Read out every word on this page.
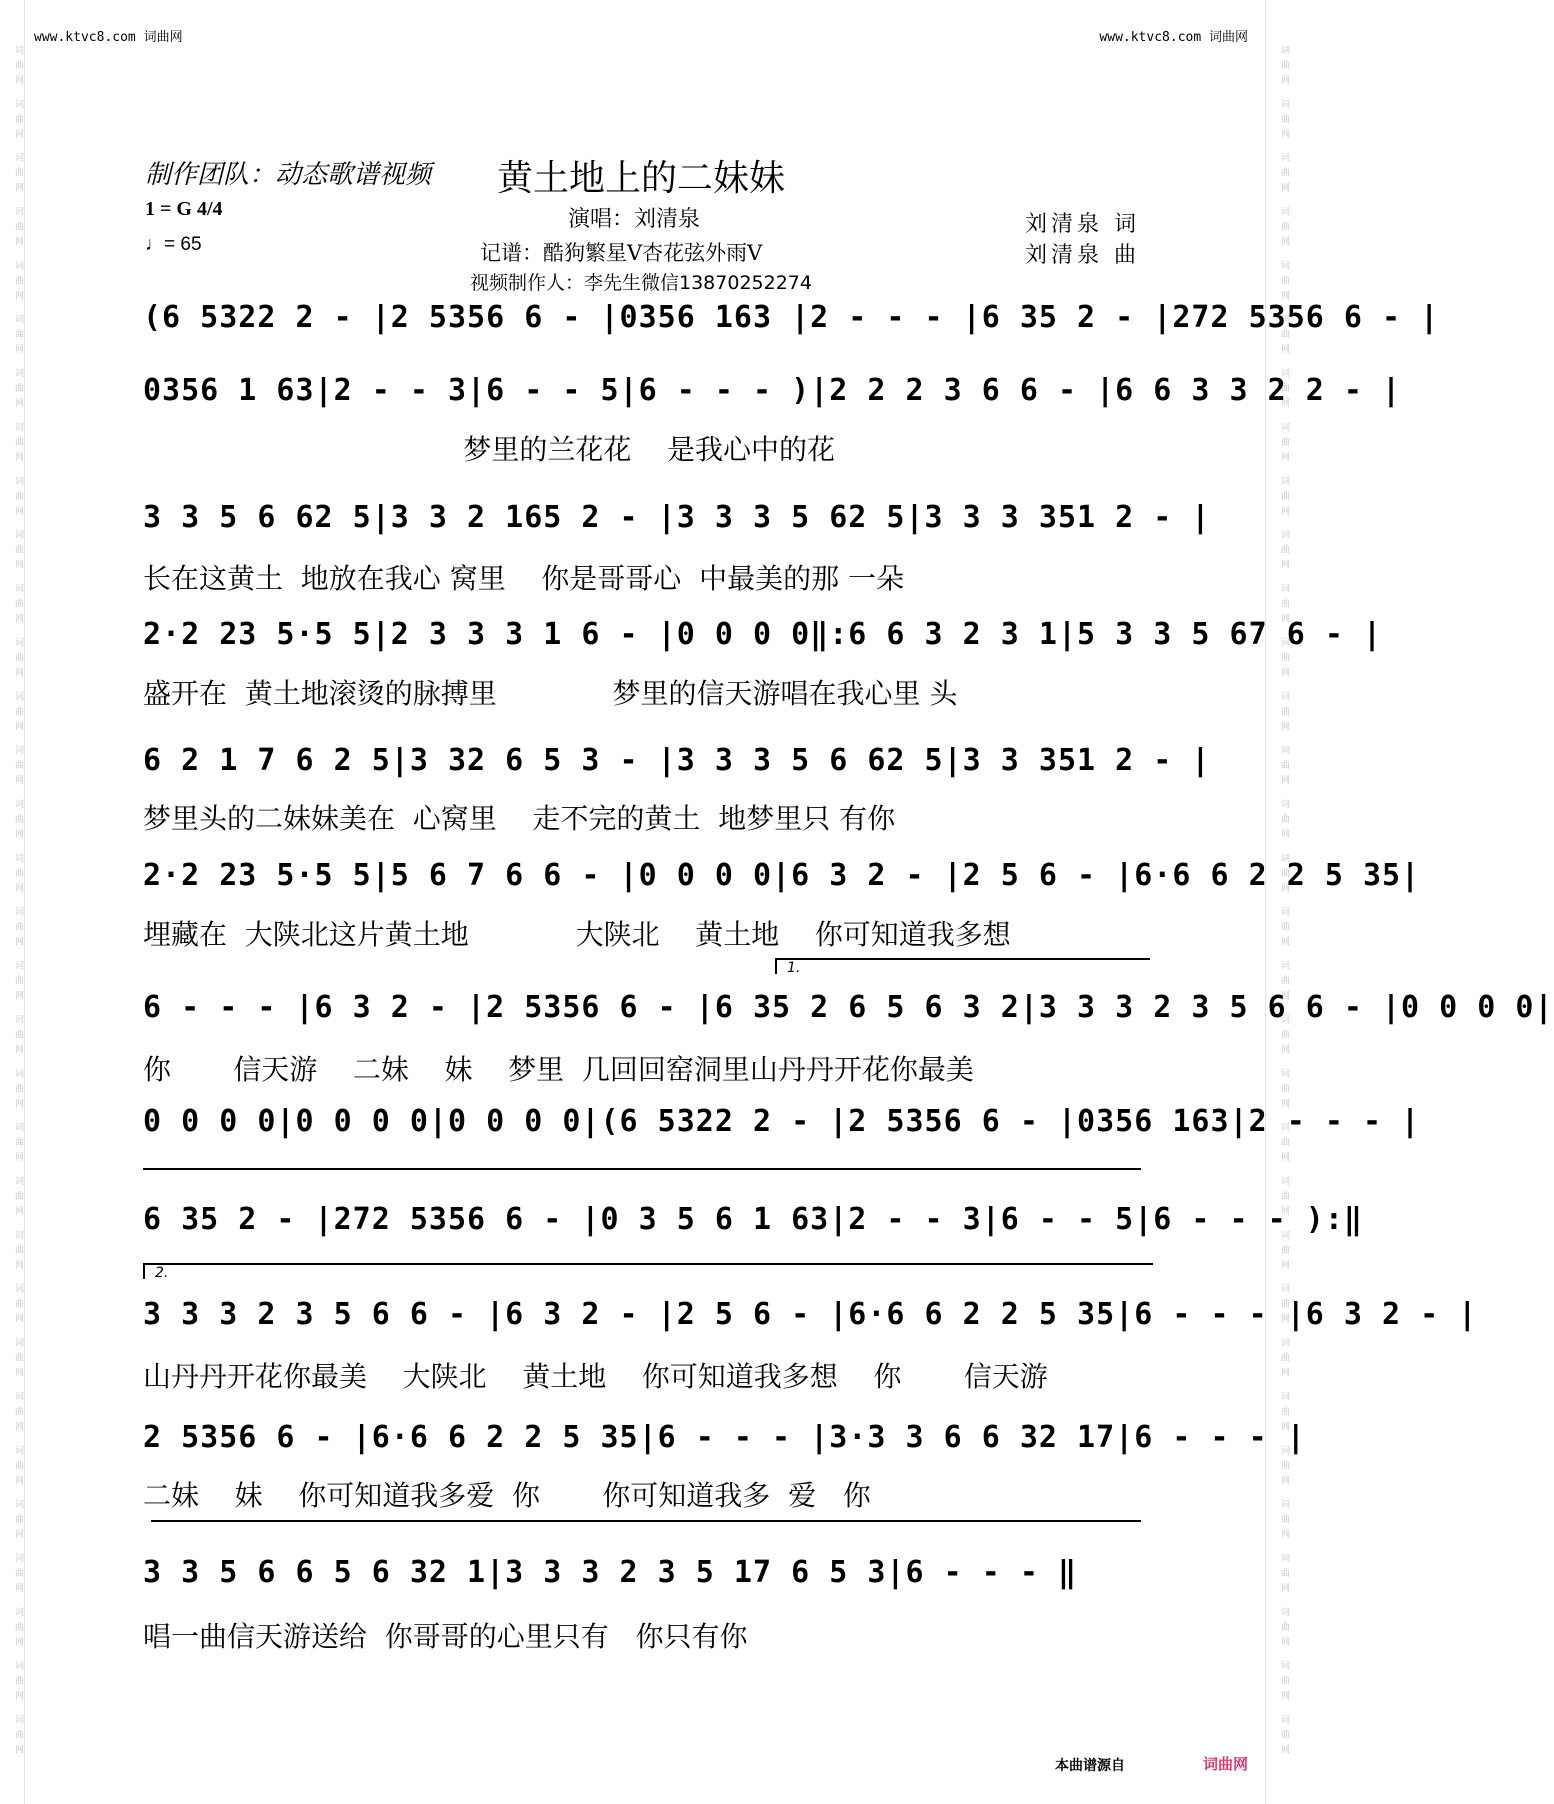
词曲网 词曲网 词曲网 词曲网 词曲网 词曲网 词曲网 词曲网 词曲网 词曲网 词曲网 词曲网 词曲网 词曲网 词曲网 词曲网 词曲网 词曲网 词曲网 词曲网 词曲网 词曲网 词曲网 词曲网 词曲网 词曲网 词曲网 词曲网 词曲网 词曲网 词曲网 词曲网	词曲网 词曲网 词曲网 词曲网 词曲网 词曲网 词曲网 词曲网 词曲网 词曲网 词曲网 词曲网 词曲网 词曲网 词曲网 词曲网 词曲网 词曲网 词曲网 词曲网 词曲网 词曲网 词曲网 词曲网 词曲网 词曲网 词曲网 词曲网 词曲网 词曲网 词曲网 词曲网
www.ktvc8.com 词曲网	www.ktvc8.com 词曲网
制作团队：动态歌谱视频 黄土地上的二妹妹
1 = G 4/4
♩= 65
演唱：刘清泉
记谱：酷狗繁星V杏花弦外雨V
视频制作人：李先生微信13870252274
刘清泉 词
刘清泉 曲
(6 5322 2 - |2 5356 6 - |0356 163 |2 - - - |6 35 2 - |272 5356 6 - |
0356 1 63|2 - - 3|6 - - 5|6 - - - )|2 2 2 3 6 6 - |6 6 3 3 2 2 - |
梦里的兰花花    是我心中的花
3 3 5 6 62 5|3 3 2 165 2 - |3 3 3 5 62 5|3 3 3 351 2 - |
长在这黄土  地放在我心 窝里    你是哥哥心  中最美的那 一朵
2·2 23 5·5 5|2 3 3 3 1 6 - |0 0 0 0‖:6 6 3 2 3 1|5 3 3 5 67 6 - |
盛开在  黄土地滚烫的脉搏里             梦里的信天游唱在我心里 头
6 2 1 7 6 2 5|3 32 6 5 3 - |3 3 3 5 6 62 5|3 3 351 2 - |
梦里头的二妹妹美在  心窝里    走不完的黄土  地梦里只 有你
2·2 23 5·5 5|5 6 7 6 6 - |0 0 0 0|6 3 2 - |2 5 6 - |6·6 6 2 2 5 35|
埋藏在  大陕北这片黄土地            大陕北    黄土地    你可知道我多想
1.
6 - - - |6 3 2 - |2 5356 6 - |6 35 2 6 5 6 3 2|3 3 3 2 3 5 6 6 - |0 0 0 0|
你       信天游    二妹    妹    梦里  几回回窑洞里山丹丹开花你最美
0 0 0 0|0 0 0 0|0 0 0 0|(6 5322 2 - |2 5356 6 - |0356 163|2 - - - |
6 35 2 - |272 5356 6 - |0 3 5 6 1 63|2 - - 3|6 - - 5|6 - - - ):‖
2.
3 3 3 2 3 5 6 6 - |6 3 2 - |2 5 6 - |6·6 6 2 2 5 35|6 - - - |6 3 2 - |
山丹丹开花你最美    大陕北    黄土地    你可知道我多想    你       信天游
2 5356 6 - |6·6 6 2 2 5 35|6 - - - |3·3 3 6 6 32 17|6 - - - |
二妹    妹    你可知道我多爱  你       你可知道我多  爱   你
3 3 5 6 6 5 6 32 1|3 3 3 2 3 5 17 6 5 3|6 - - - ‖
唱一曲信天游送给  你哥哥的心里只有   你只有你
本曲谱源自	词曲网
